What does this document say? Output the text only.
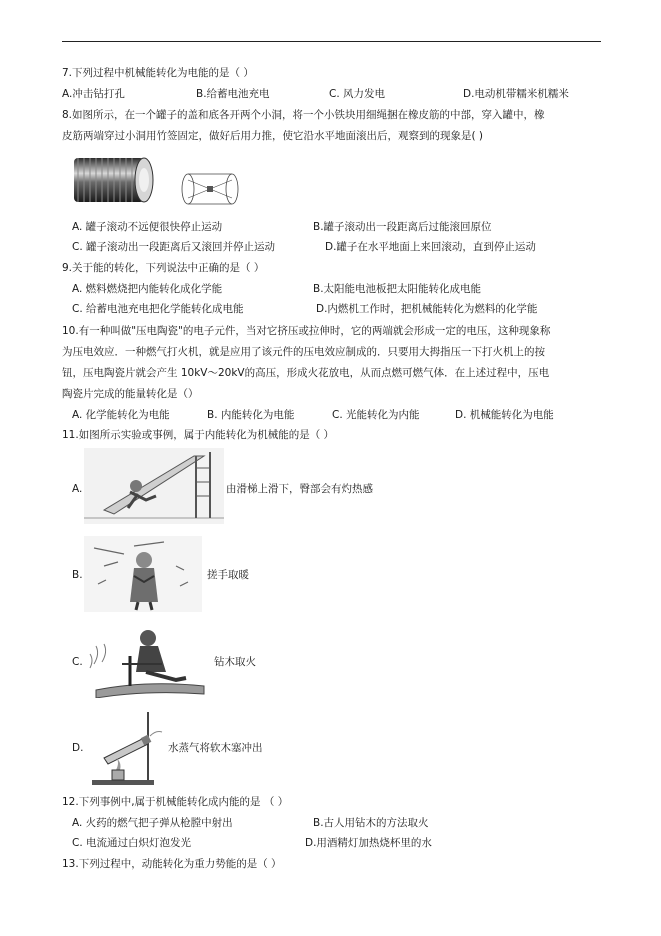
7.下列过程中机械能转化为电能的是（ ）
A.冲击钻打孔	B.给蓄电池充电	C. 风力发电	D.电动机带糯米机糯米
8.如图所示，在一个罐子的盖和底各开两个小洞，将一个小铁块用细绳捆在橡皮筋的中部，穿入罐中，橡
皮筋两端穿过小洞用竹签固定，做好后用力推，使它沿水平地面滚出后，观察到的现象是( )
A. 罐子滚动不远便很快停止运动	B.罐子滚动出一段距离后过能滚回原位
C. 罐子滚动出一段距离后又滚回并停止运动	D.罐子在水平地面上来回滚动，直到停止运动
9.关于能的转化，下列说法中正确的是（ ）
A. 燃料燃烧把内能转化成化学能	B.太阳能电池板把太阳能转化成电能
C. 给蓄电池充电把化学能转化成电能	D.内燃机工作时，把机械能转化为燃料的化学能
10.有一种叫做"压电陶瓷"的电子元件，当对它挤压或拉伸时，它的两端就会形成一定的电压，这种现象称
为压电效应．一种燃气打火机，就是应用了该元件的压电效应制成的．只要用大拇指压一下打火机上的按
钮，压电陶瓷片就会产生 10kV～20kV的高压，形成火花放电，从而点燃可燃气体．在上述过程中，压电
陶瓷片完成的能量转化是（）
A. 化学能转化为电能	B. 内能转化为电能	C. 光能转化为内能	D. 机械能转化为电能
11.如图所示实验或事例，属于内能转化为机械能的是（ ）
A.	由滑梯上滑下，臀部会有灼热感
B.	搓手取暖
C.	钻木取火
D.	水蒸气将软木塞冲出
12.下列事例中,属于机械能转化成内能的是 （ ）
A. 火药的燃气把子弹从枪膛中射出	B.古人用钻木的方法取火
C. 电流通过白炽灯泡发光	D.用酒精灯加热烧杯里的水
13.下列过程中，动能转化为重力势能的是（ ）
